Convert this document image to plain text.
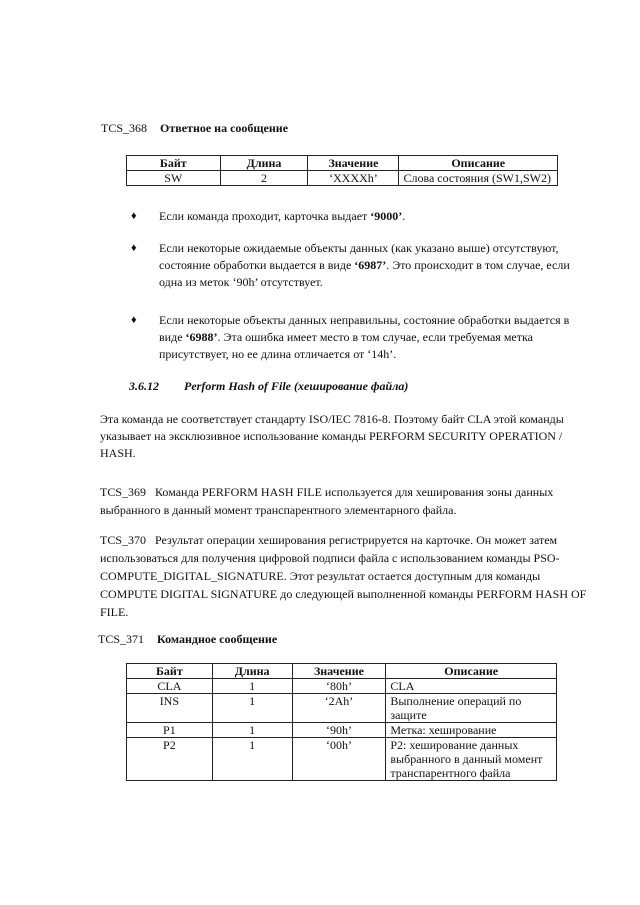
TCS_368 Ответное на сообщение
Байт	Длина	Значение	Описание
SW	2	‘XXXXh’	Слова состояния (SW1,SW2)
♦ Если команда проходит, карточка выдает ‘9000’.
♦ Если некоторые ожидаемые объекты данных (как указано выше) отсутствуют, состояние обработки выдается в виде ‘6987’. Это происходит в том случае, если одна из меток ‘90h’ отсутствует.
♦ Если некоторые объекты данных неправильны, состояние обработки выдается в виде ‘6988’. Эта ошибка имеет место в том случае, если требуемая метка присутствует, но ее длина отличается от ‘14h’.
3.6.12 Perform Hash of File (хеширование файла)
Эта команда не соответствует стандарту ISO/IEC 7816-8. Поэтому байт CLA этой команды указывает на эксклюзивное использование команды PERFORM SECURITY OPERATION / HASH.
TCS_369 Команда PERFORM HASH FILE используется для хеширования зоны данных выбранного в данный момент транспарентного элементарного файла.
TCS_370 Результат операции хеширования регистрируется на карточке. Он может затем использоваться для получения цифровой подписи файла с использованием команды PSO-COMPUTE_DIGITAL_SIGNATURE. Этот результат остается доступным для команды COMPUTE DIGITAL SIGNATURE до следующей выполненной команды PERFORM HASH OF FILE.
TCS_371 Командное сообщение
Байт	Длина	Значение	Описание
CLA	1	‘80h’	CLA
INS	1	‘2Ah’	Выполнение операций по защите
P1	1	‘90h’	Метка: хеширование
P2	1	‘00h’	P2: хеширование данных выбранного в данный момент транспарентного файла
